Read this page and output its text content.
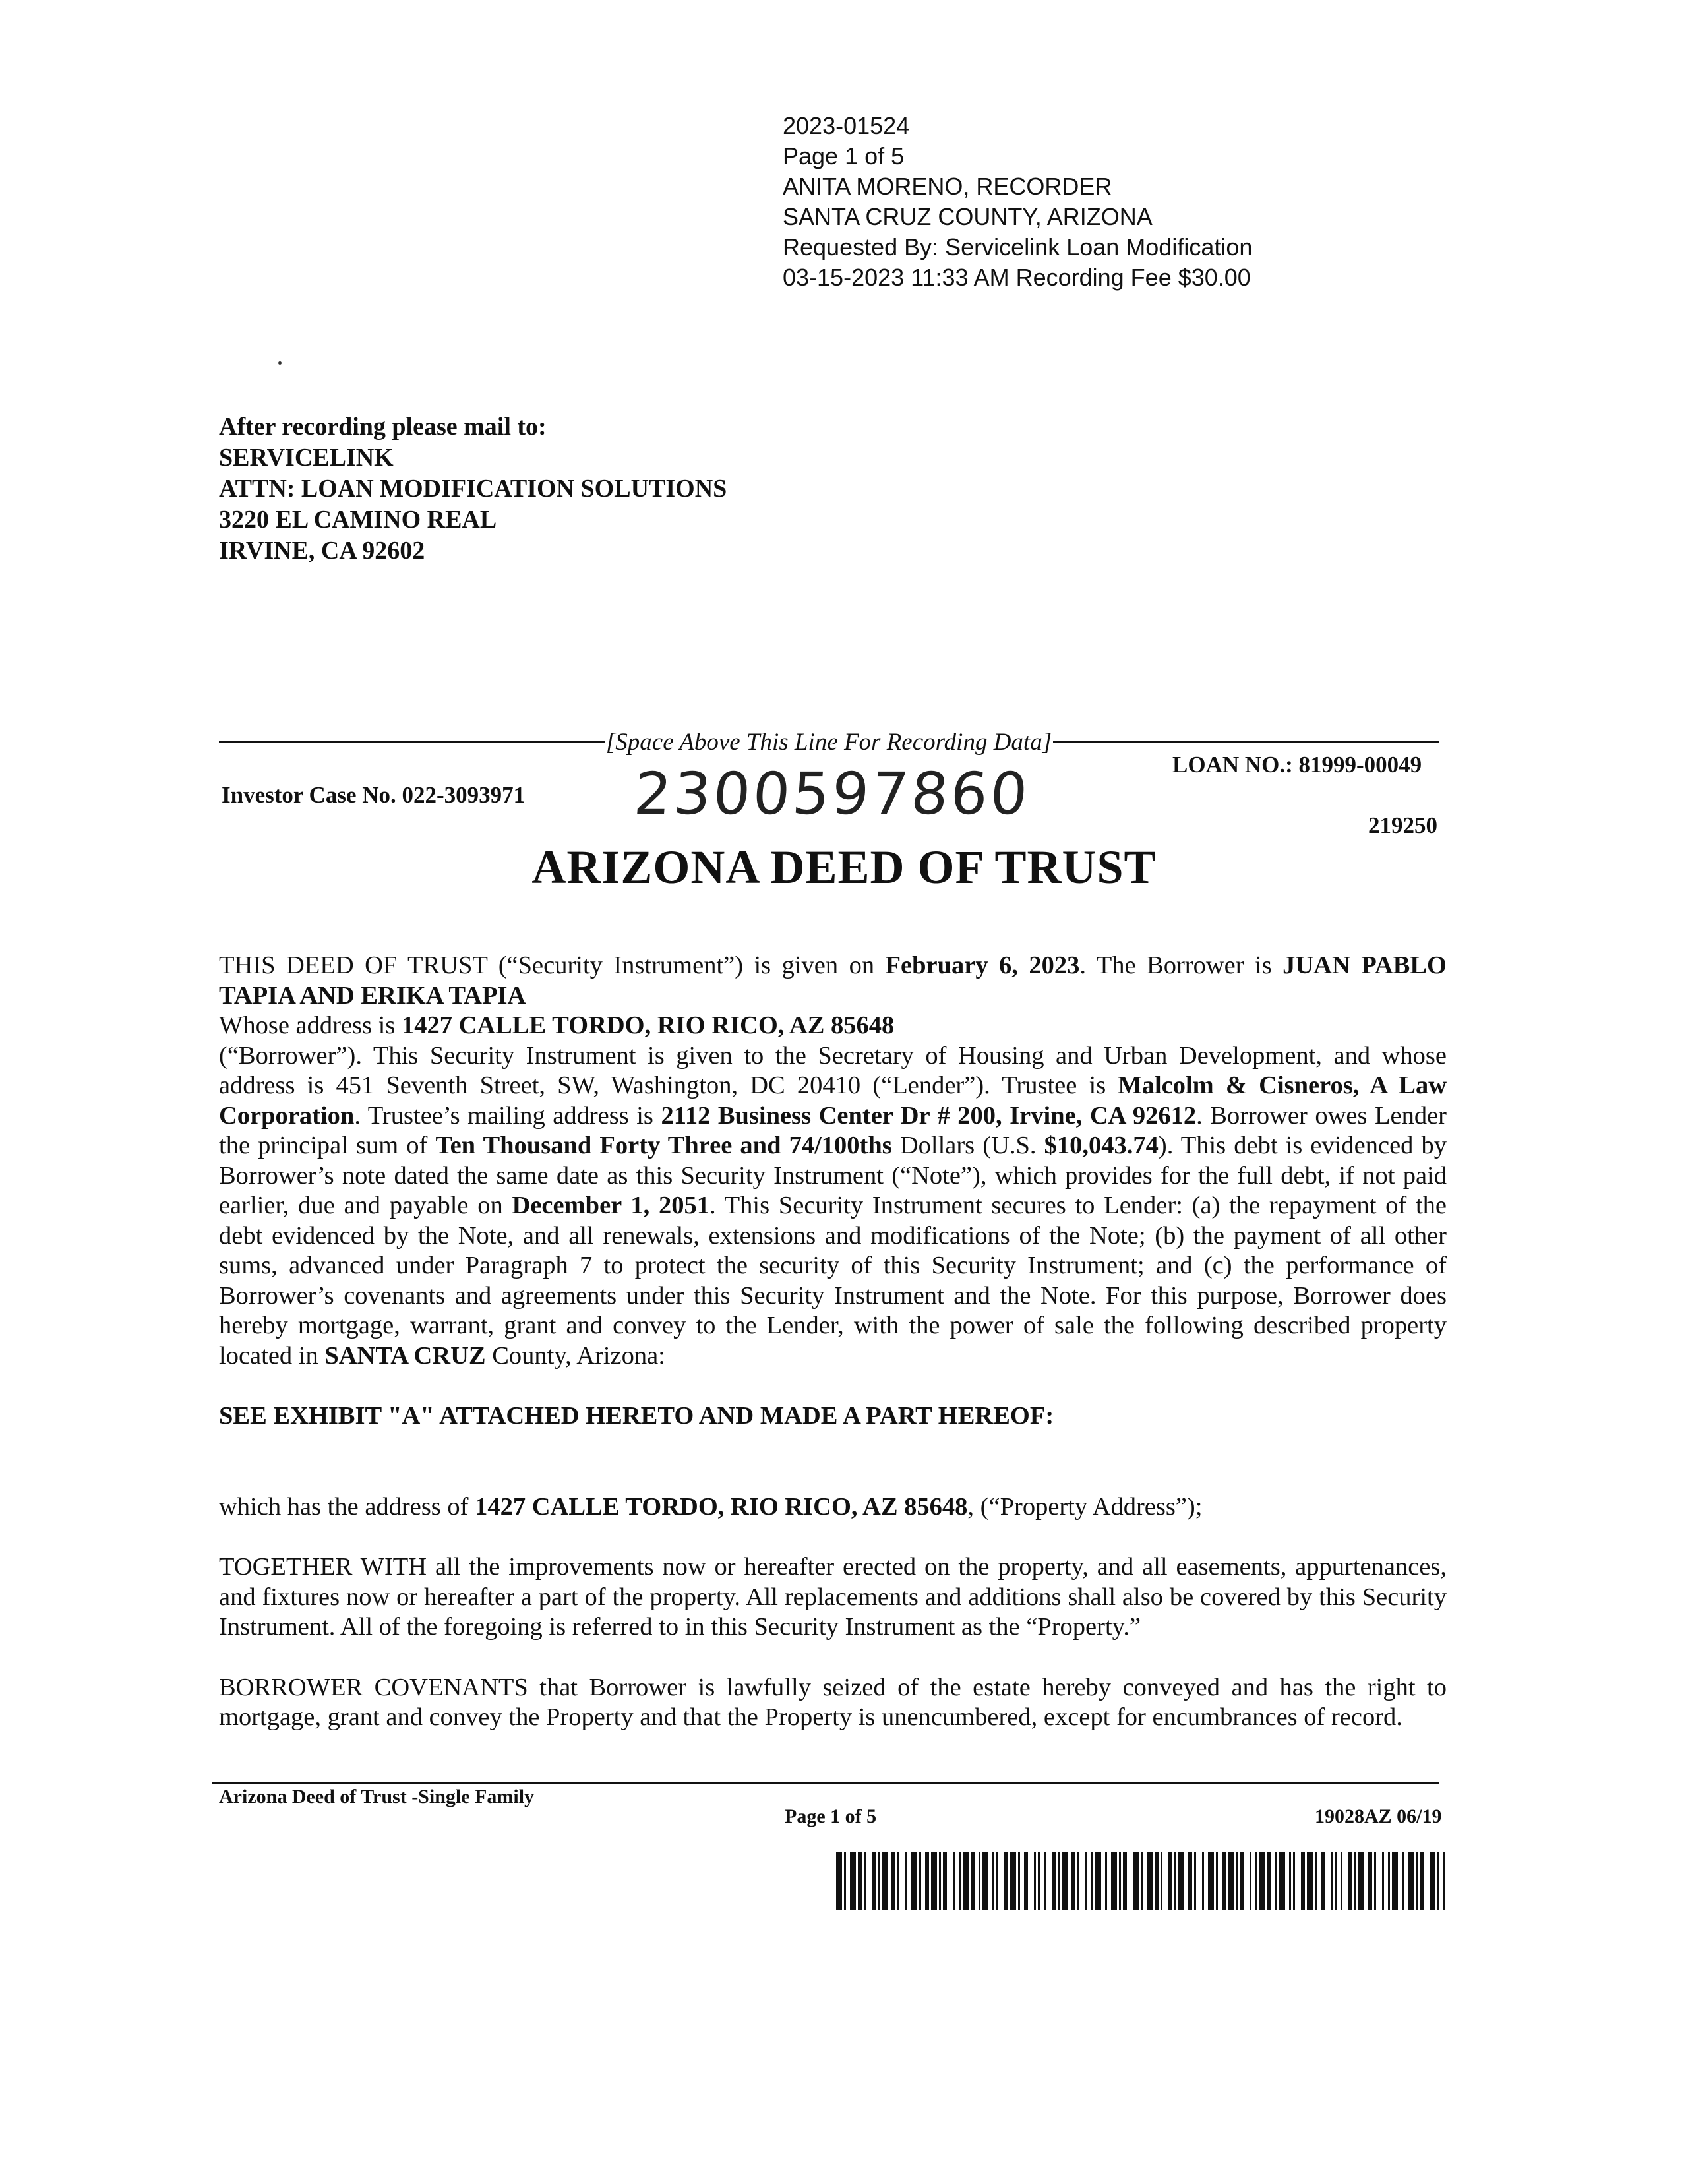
2023-01524
Page 1 of 5
ANITA MORENO, RECORDER
SANTA CRUZ COUNTY, ARIZONA
Requested By: Servicelink Loan Modification
03-15-2023 11:33 AM Recording Fee $30.00
After recording please mail to:
SERVICELINK
ATTN: LOAN MODIFICATION SOLUTIONS
3220 EL CAMINO REAL
IRVINE, CA 92602
[Space Above This Line For Recording Data]
Investor Case No. 022-3093971 2300597860	LOAN NO.: 81999-00049
219250
ARIZONA DEED OF TRUST

THIS DEED OF TRUST (“Security Instrument”) is given on February 6, 2023. The Borrower is JUAN PABLO TAPIA AND ERIKA TAPIA

Whose address is 1427 CALLE TORDO, RIO RICO, AZ 85648

(“Borrower”). This Security Instrument is given to the Secretary of Housing and Urban Development, and whose address is 451 Seventh Street, SW, Washington, DC 20410 (“Lender”). Trustee is Malcolm & Cisneros, A Law Corporation. Trustee’s mailing address is 2112 Business Center Dr # 200, Irvine, CA 92612. Borrower owes Lender the principal sum of Ten Thousand Forty Three and 74/100ths Dollars (U.S. $10,043.74). This debt is evidenced by Borrower’s note dated the same date as this Security Instrument (“Note”), which provides for the full debt, if not paid earlier, due and payable on December 1, 2051. This Security Instrument secures to Lender: (a) the repayment of the debt evidenced by the Note, and all renewals, extensions and modifications of the Note; (b) the payment of all other sums, advanced under Paragraph 7 to protect the security of this Security Instrument; and (c) the performance of Borrower’s covenants and agreements under this Security Instrument and the Note. For this purpose, Borrower does hereby mortgage, warrant, grant and convey to the Lender, with the power of sale the following described property located in SANTA CRUZ County, Arizona:

SEE EXHIBIT "A" ATTACHED HERETO AND MADE A PART HEREOF:

which has the address of 1427 CALLE TORDO, RIO RICO, AZ 85648, (“Property Address”);

TOGETHER WITH all the improvements now or hereafter erected on the property, and all easements, appurtenances, and fixtures now or hereafter a part of the property. All replacements and additions shall also be covered by this Security Instrument. All of the foregoing is referred to in this Security Instrument as the “Property.”

BORROWER COVENANTS that Borrower is lawfully seized of the estate hereby conveyed and has the right to mortgage, grant and convey the Property and that the Property is unencumbered, except for encumbrances of record.

Arizona Deed of Trust -Single Family
Page 1 of 5	19028AZ 06/19
